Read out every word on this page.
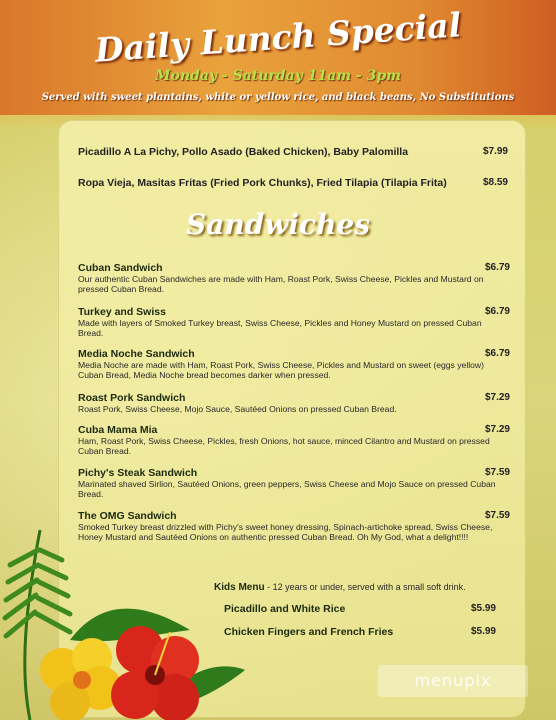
Daily Lunch Special
Monday - Saturday 11am - 3pm
Served with sweet plantains, white or yellow rice, and black beans, No Substitutions
Picadillo A La Pichy, Pollo Asado (Baked Chicken), Baby Palomilla	$7.99
Ropa Vieja, Masitas Fritas (Fried Pork Chunks), Fried Tilapia (Tilapia Frita)	$8.59
Sandwiches
Cuban Sandwich	$6.79
Our authentic Cuban Sandwiches are made with Ham, Roast Pork, Swiss Cheese, Pickles and Mustard on pressed Cuban Bread.
Turkey and Swiss	$6.79
Made with layers of Smoked Turkey breast, Swiss Cheese, Pickles and Honey Mustard on pressed Cuban Bread.
Media Noche Sandwich	$6.79
Media Noche are made with Ham, Roast Pork, Swiss Cheese, Pickles and Mustard on sweet (eggs yellow) Cuban Bread, Media Noche bread becomes darker when pressed.
Roast Pork Sandwich	$7.29
Roast Pork, Swiss Cheese, Mojo Sauce, Sautéed Onions on pressed Cuban Bread.
Cuba Mama Mia	$7.29
Ham, Roast Pork, Swiss Cheese, Pickles, fresh Onions, hot sauce, minced Cilantro and Mustard on pressed Cuban Bread.
Pichy's Steak Sandwich	$7.59
Marinated shaved Sirlion, Sautéed Onions, green peppers, Swiss Cheese and Mojo Sauce on pressed Cuban Bread.
The OMG Sandwich	$7.59
Smoked Turkey breast drizzled with Pichy's sweet honey dressing, Spinach-artichoke spread, Swiss Cheese, Honey Mustard and Sautéed Onions on authentic pressed Cuban Bread. Oh My God, what a delight!!!!
Kids Menu - 12 years or under, served with a small soft drink.
Picadillo and White Rice	$5.99
Chicken Fingers and French Fries	$5.99
menupix
